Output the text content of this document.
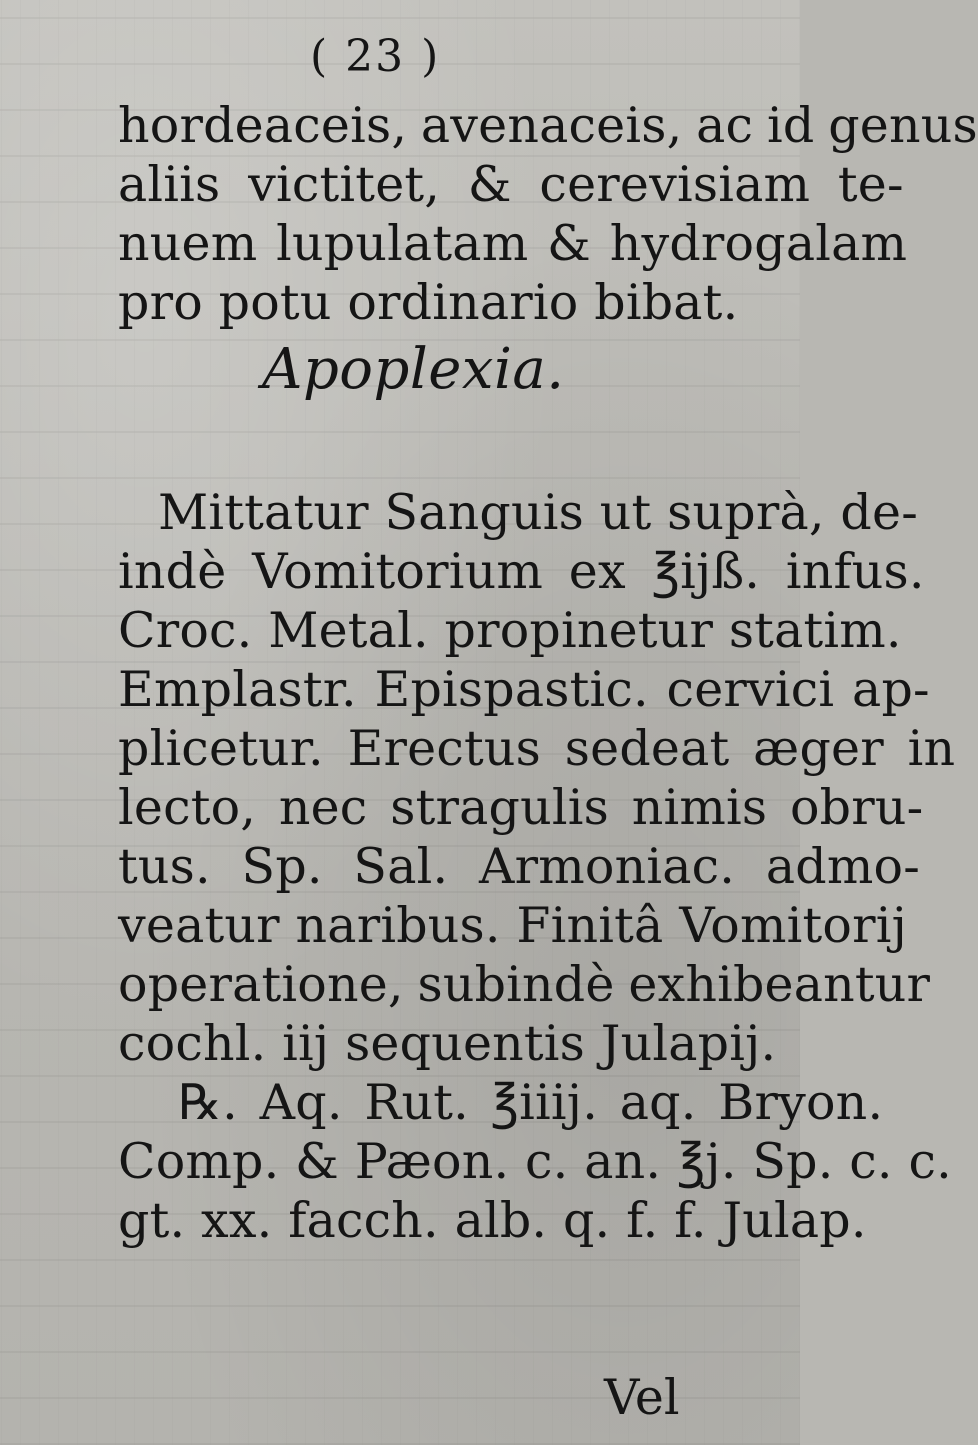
( 23 )
hordeaceis, avenaceis, ac id genus
aliis victitet, & cerevisiam te-
nuem lupulatam & hydrogalam
pro potu ordinario bibat.
Apoplexia.
Mittatur Sanguis ut suprà, de-
indè Vomitorium ex ℥ijß. infus.
Croc. Metal. propinetur statim.
Emplastr. Epispastic. cervici ap-
plicetur. Erectus sedeat æger in
lecto, nec stragulis nimis obru-
tus. Sp. Sal. Armoniac. admo-
veatur naribus. Finitâ Vomitorij
operatione, subindè exhibeantur
cochl. iij sequentis Julapij.
℞. Aq. Rut. ℥iiij. aq. Bryon.
Comp. & Pæon. c. an. ℥j. Sp. c. c.
gt. xx. facch. alb. q. f. f. Julap.
Vel
